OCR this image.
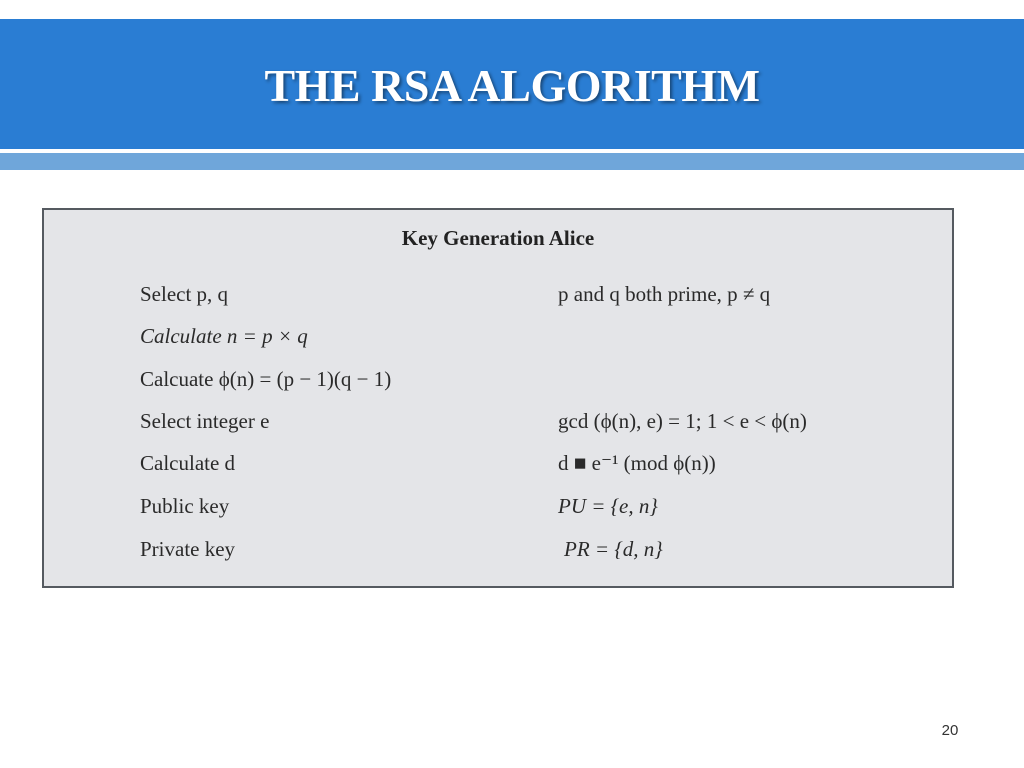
THE RSA ALGORITHM
Key Generation Alice
Select p, q	p and q both prime, p ≠ q
Calculate n = p × q
Calcuate ϕ(n) = (p − 1)(q − 1)
Select integer e	gcd (ϕ(n), e) = 1; 1 < e < ϕ(n)
Calculate d	d ■ e⁻¹ (mod ϕ(n))
Public key	PU = {e, n}
Private key	PR = {d, n}
20
